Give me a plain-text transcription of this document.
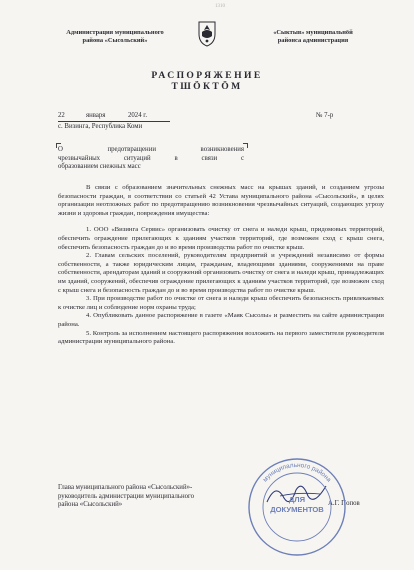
1310
Администрация муниципального
района «Сысольский»
«Сыктыв» муниципальнӧй
районса администрация
РАСПОРЯЖЕНИЕ
ТШӦКТӦМ
22	января	2024 г.	№ 7-р
с. Визинга, Республика Коми
О предотвращении возникновения
чрезвычайных ситуаций в связи с
образованием снежных масс

В связи с образованием значительных снежных масс на крышах зданий, и созданием угрозы безопасности граждан, в соответствии со статьей 42 Устава муниципального района «Сысольский», в целях организации неотложных работ по предотвращению возникновения чрезвычайных ситуаций, создающих угрозу жизни и здоровья граждан, повреждения имущества:

1. ООО «Визинга Сервис» организовать очистку от снега и наледи крыш, придомовых территорий, обеспечить ограждение прилегающих к зданиям участков территорий, где возможен сход с крыш снега, обеспечить безопасность граждан до и во время производства работ по очистке крыш.

2. Главам сельских поселений, руководителям предприятий и учреждений независимо от формы собственности, а также юридическим лицам, гражданам, владеющими зданиями, сооружениями на праве собственности, арендаторам зданий и сооружений организовать очистку от снега и наледи крыш, принадлежащих им зданий, сооружений, обеспечив ограждение прилегающих к зданиям участков территорий, где возможен сход с крыш снега и безопасность граждан до и во время производства работ по очистке крыш.

3. При производстве работ по очистке от снега и наледи крыш обеспечить безопасность привлекаемых к очистке лиц и соблюдение норм охраны труда;

4. Опубликовать данное распоряжение в газете «Маяк Сысолы» и разместить на сайте администрации района.

5. Контроль за исполнением настоящего распоряжения возложить на первого заместителя руководителя администрации муниципального района.

Глава муниципального района «Сысольский»-
руководитель администрации муниципального
района «Сысольский»	А.Г. Попов
муниципального района
ДЛЯ
ДОКУМЕНТОВ
